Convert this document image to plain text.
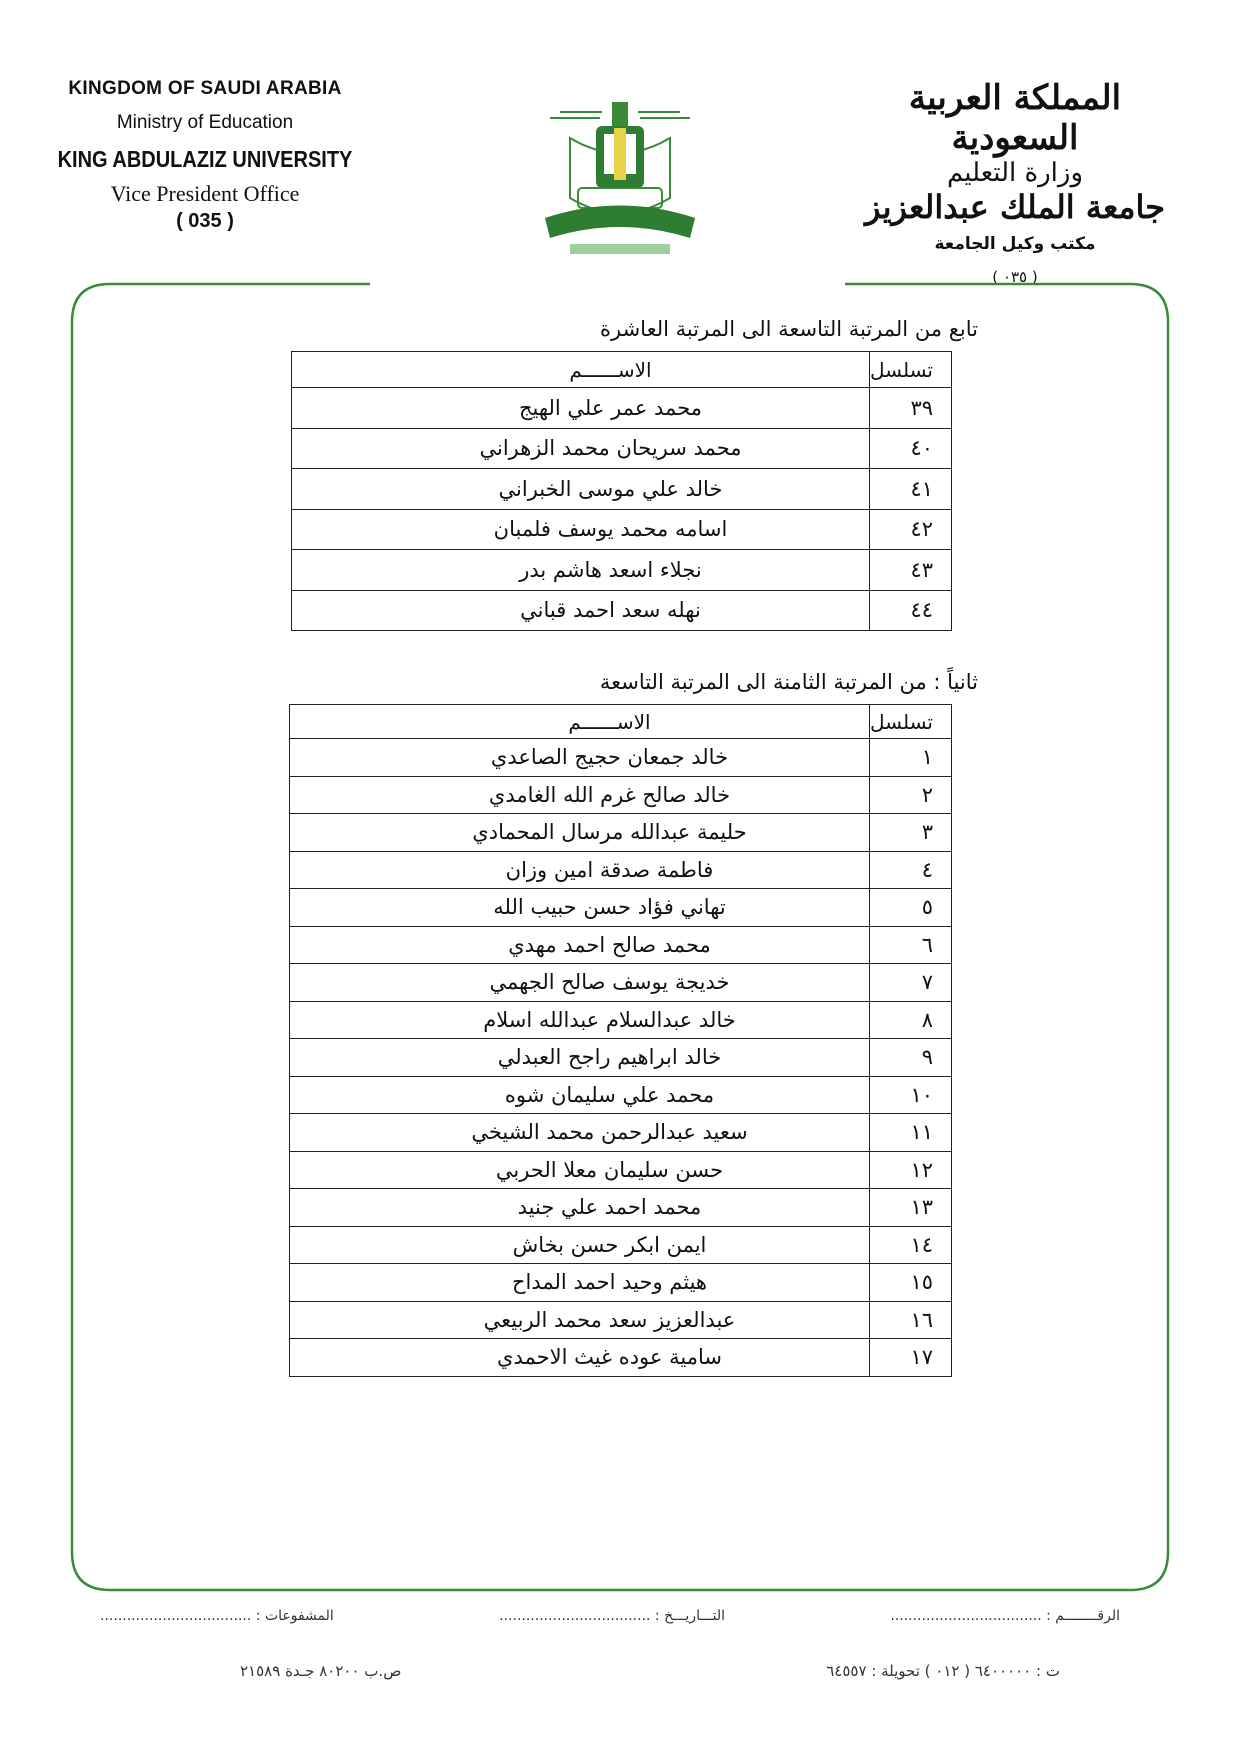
KINGDOM OF SAUDI ARABIA
Ministry of Education
KING ABDULAZIZ UNIVERSITY
Vice President Office
( 035 )
المملكة العربية السعودية
وزارة التعليم
جامعة الملك عبدالعزيز
مكتب وكيل الجامعة
( ٠٣٥ )
تابع من المرتبة التاسعة الى المرتبة العاشرة
تسلسل	الاســــــم
٣٩	محمد عمر علي الهيج
٤٠	محمد سريحان محمد الزهراني
٤١	خالد علي موسى الخبراني
٤٢	اسامه محمد يوسف فلمبان
٤٣	نجلاء اسعد هاشم بدر
٤٤	نهله سعد احمد قباني
ثانياً : من المرتبة الثامنة الى المرتبة التاسعة
تسلسل	الاســــــم
١	خالد جمعان حجيج الصاعدي
٢	خالد صالح غرم الله الغامدي
٣	حليمة عبدالله مرسال المحمادي
٤	فاطمة صدقة امين وزان
٥	تهاني فؤاد حسن حبيب الله
٦	محمد صالح احمد مهدي
٧	خديجة يوسف صالح الجهمي
٨	خالد عبدالسلام عبدالله اسلام
٩	خالد ابراهيم راجح العبدلي
١٠	محمد علي سليمان شوه
١١	سعيد عبدالرحمن محمد الشيخي
١٢	حسن سليمان معلا الحربي
١٣	محمد احمد علي جنيد
١٤	ايمن ابكر حسن بخاش
١٥	هيثم وحيد احمد المداح
١٦	عبدالعزيز سعد محمد الربيعي
١٧	سامية عوده غيث الاحمدي
الرقــــــــم : ..................................
التـــاريـــخ : ..................................
المشفوعات : ..................................
ت : ٦٤٠٠٠٠٠ ( ٠١٢ ) تحويلة : ٦٤٥٥٧
ص.ب ٨٠٢٠٠ جـدة ٢١٥٨٩
